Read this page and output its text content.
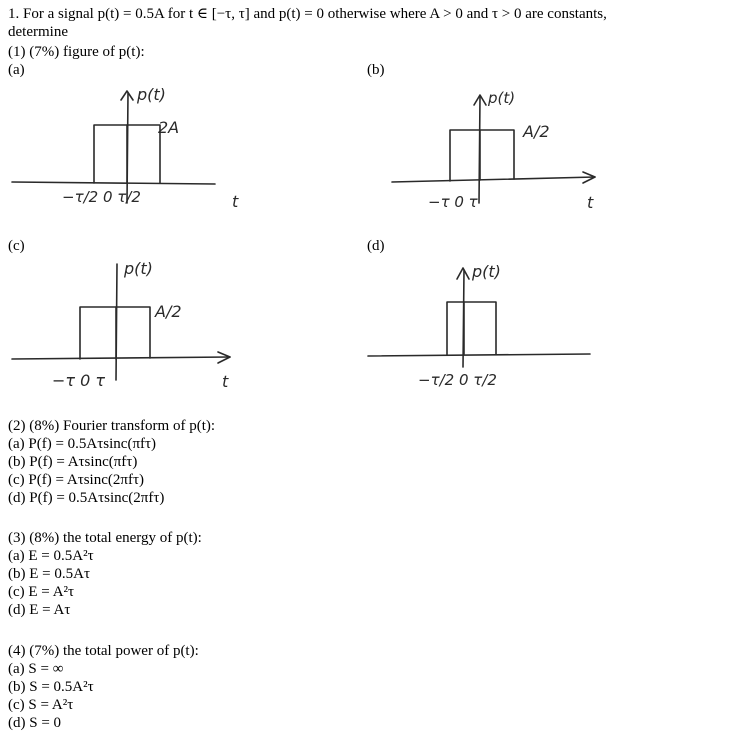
1. For a signal p(t) = 0.5A for t ∈ [−τ, τ] and p(t) = 0 otherwise where A > 0 and τ > 0 are constants,
determine
(1) (7%) figure of p(t):
(a)
p(t)
2A
−τ/2 0 τ/2	t
(b)
p(t)
A/2
−τ 0 τ	t
(c)
p(t)
A/2
−τ 0 τ	t
(d)
p(t)
−τ/2 0 τ/2
(2) (8%) Fourier transform of p(t):
(a) P(f) = 0.5Aτsinc(πfτ)
(b) P(f) = Aτsinc(πfτ)
(c) P(f) = Aτsinc(2πfτ)
(d) P(f) = 0.5Aτsinc(2πfτ)
(3) (8%) the total energy of p(t):
(a) E = 0.5A²τ
(b) E = 0.5Aτ
(c) E = A²τ
(d) E = Aτ
(4) (7%) the total power of p(t):
(a) S = ∞
(b) S = 0.5A²τ
(c) S = A²τ
(d) S = 0
